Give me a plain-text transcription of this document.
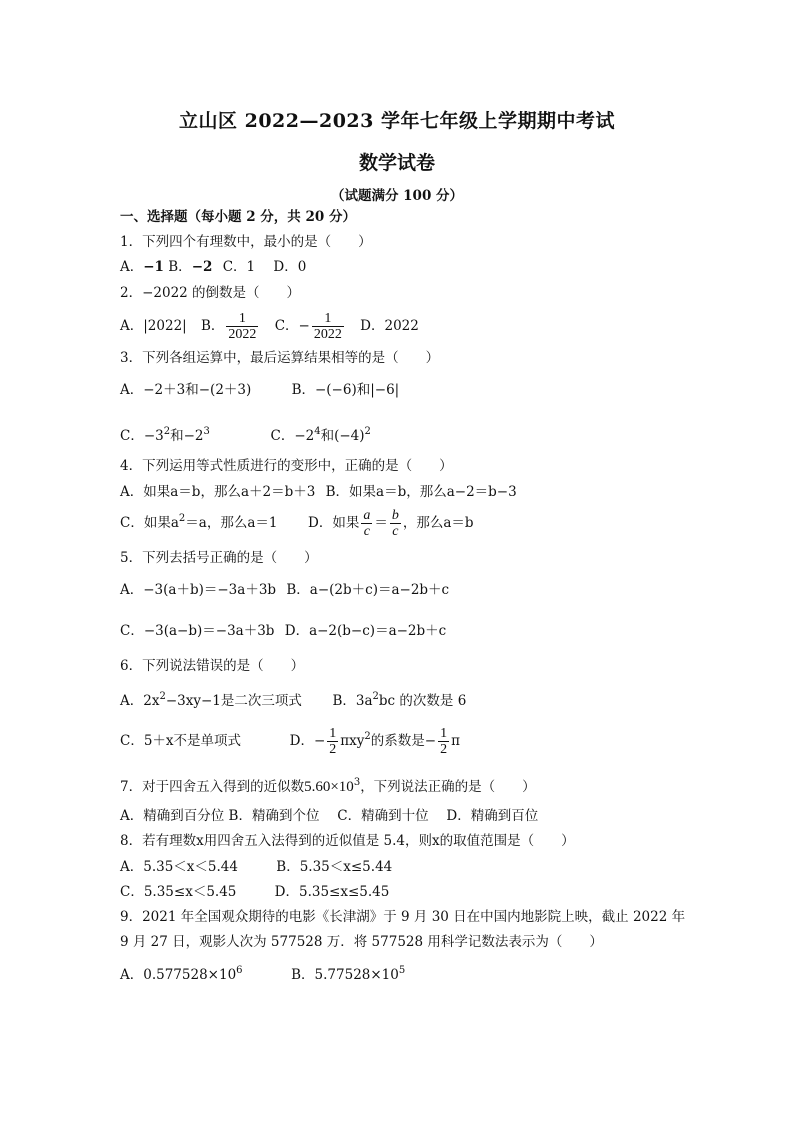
立山区 2022—2023 学年七年级上学期期中考试
数学试卷
（试题满分 100 分）
一、选择题（每小题 2 分，共 20 分）
1．下列四个有理数中，最小的是（　　）
A．−1 B．−2 C．1 D．0
2．−2022 的倒数是（　　）
A．|2022| B． $\frac{1}{2022}$ C．− $\frac{1}{2022}$ D．2022
3．下列各组运算中，最后运算结果相等的是（　　）
A．−2＋3和−(2＋3)	B．−(−6)和|−6|
C．$-3^2$和$-2^3$	C．$-2^4$和$(-4)^2$
4．下列运用等式性质进行的变形中，正确的是（　　）
A．如果a＝b，那么a＋2＝b＋3 B．如果a＝b，那么a−2＝b−3
C．如果$a^2=a$，那么a＝1 D．如果 $\frac{a}{c} = \frac{b}{c}$ ，那么a＝b
5．下列去括号正确的是（　　）
A．−3(a＋b)＝−3a＋3b B．a−(2b＋c)＝a−2b＋c
C．−3(a−b)＝−3a＋3b D．a−2(b−c)＝a−2b＋c
6．下列说法错误的是（　　）
A．$2x^2-3xy-1$是二次三项式 B．$3a^2bc$ 的次数是 6
C．5＋x不是单项式	D．− $\frac{1}{2} \pi xy^2$的系数是− $\frac{1}{2}$ π
7．对于四舍五入得到的近似数$5.60\times 10^3$，下列说法正确的是（　　）
A．精确到百分位 B．精确到个位　 C．精确到十位　 D．精确到百位
8．若有理数x用四舍五入法得到的近似值是 5.4，则x的取值范围是（　　）
A．5.35＜x＜5.44	B．5.35＜x≤5.44
C．5.35≤x＜5.45	D．5.35≤x≤5.45
9．2021 年全国观众期待的电影《长津湖》于 9 月 30 日在中国内地影院上映，截止 2022 年
9 月 27 日，观影人次为 577528 万．将 577528 用科学记数法表示为（　　）
A．$0.577528\times 10^6$	B．$5.77528\times 10^5$
